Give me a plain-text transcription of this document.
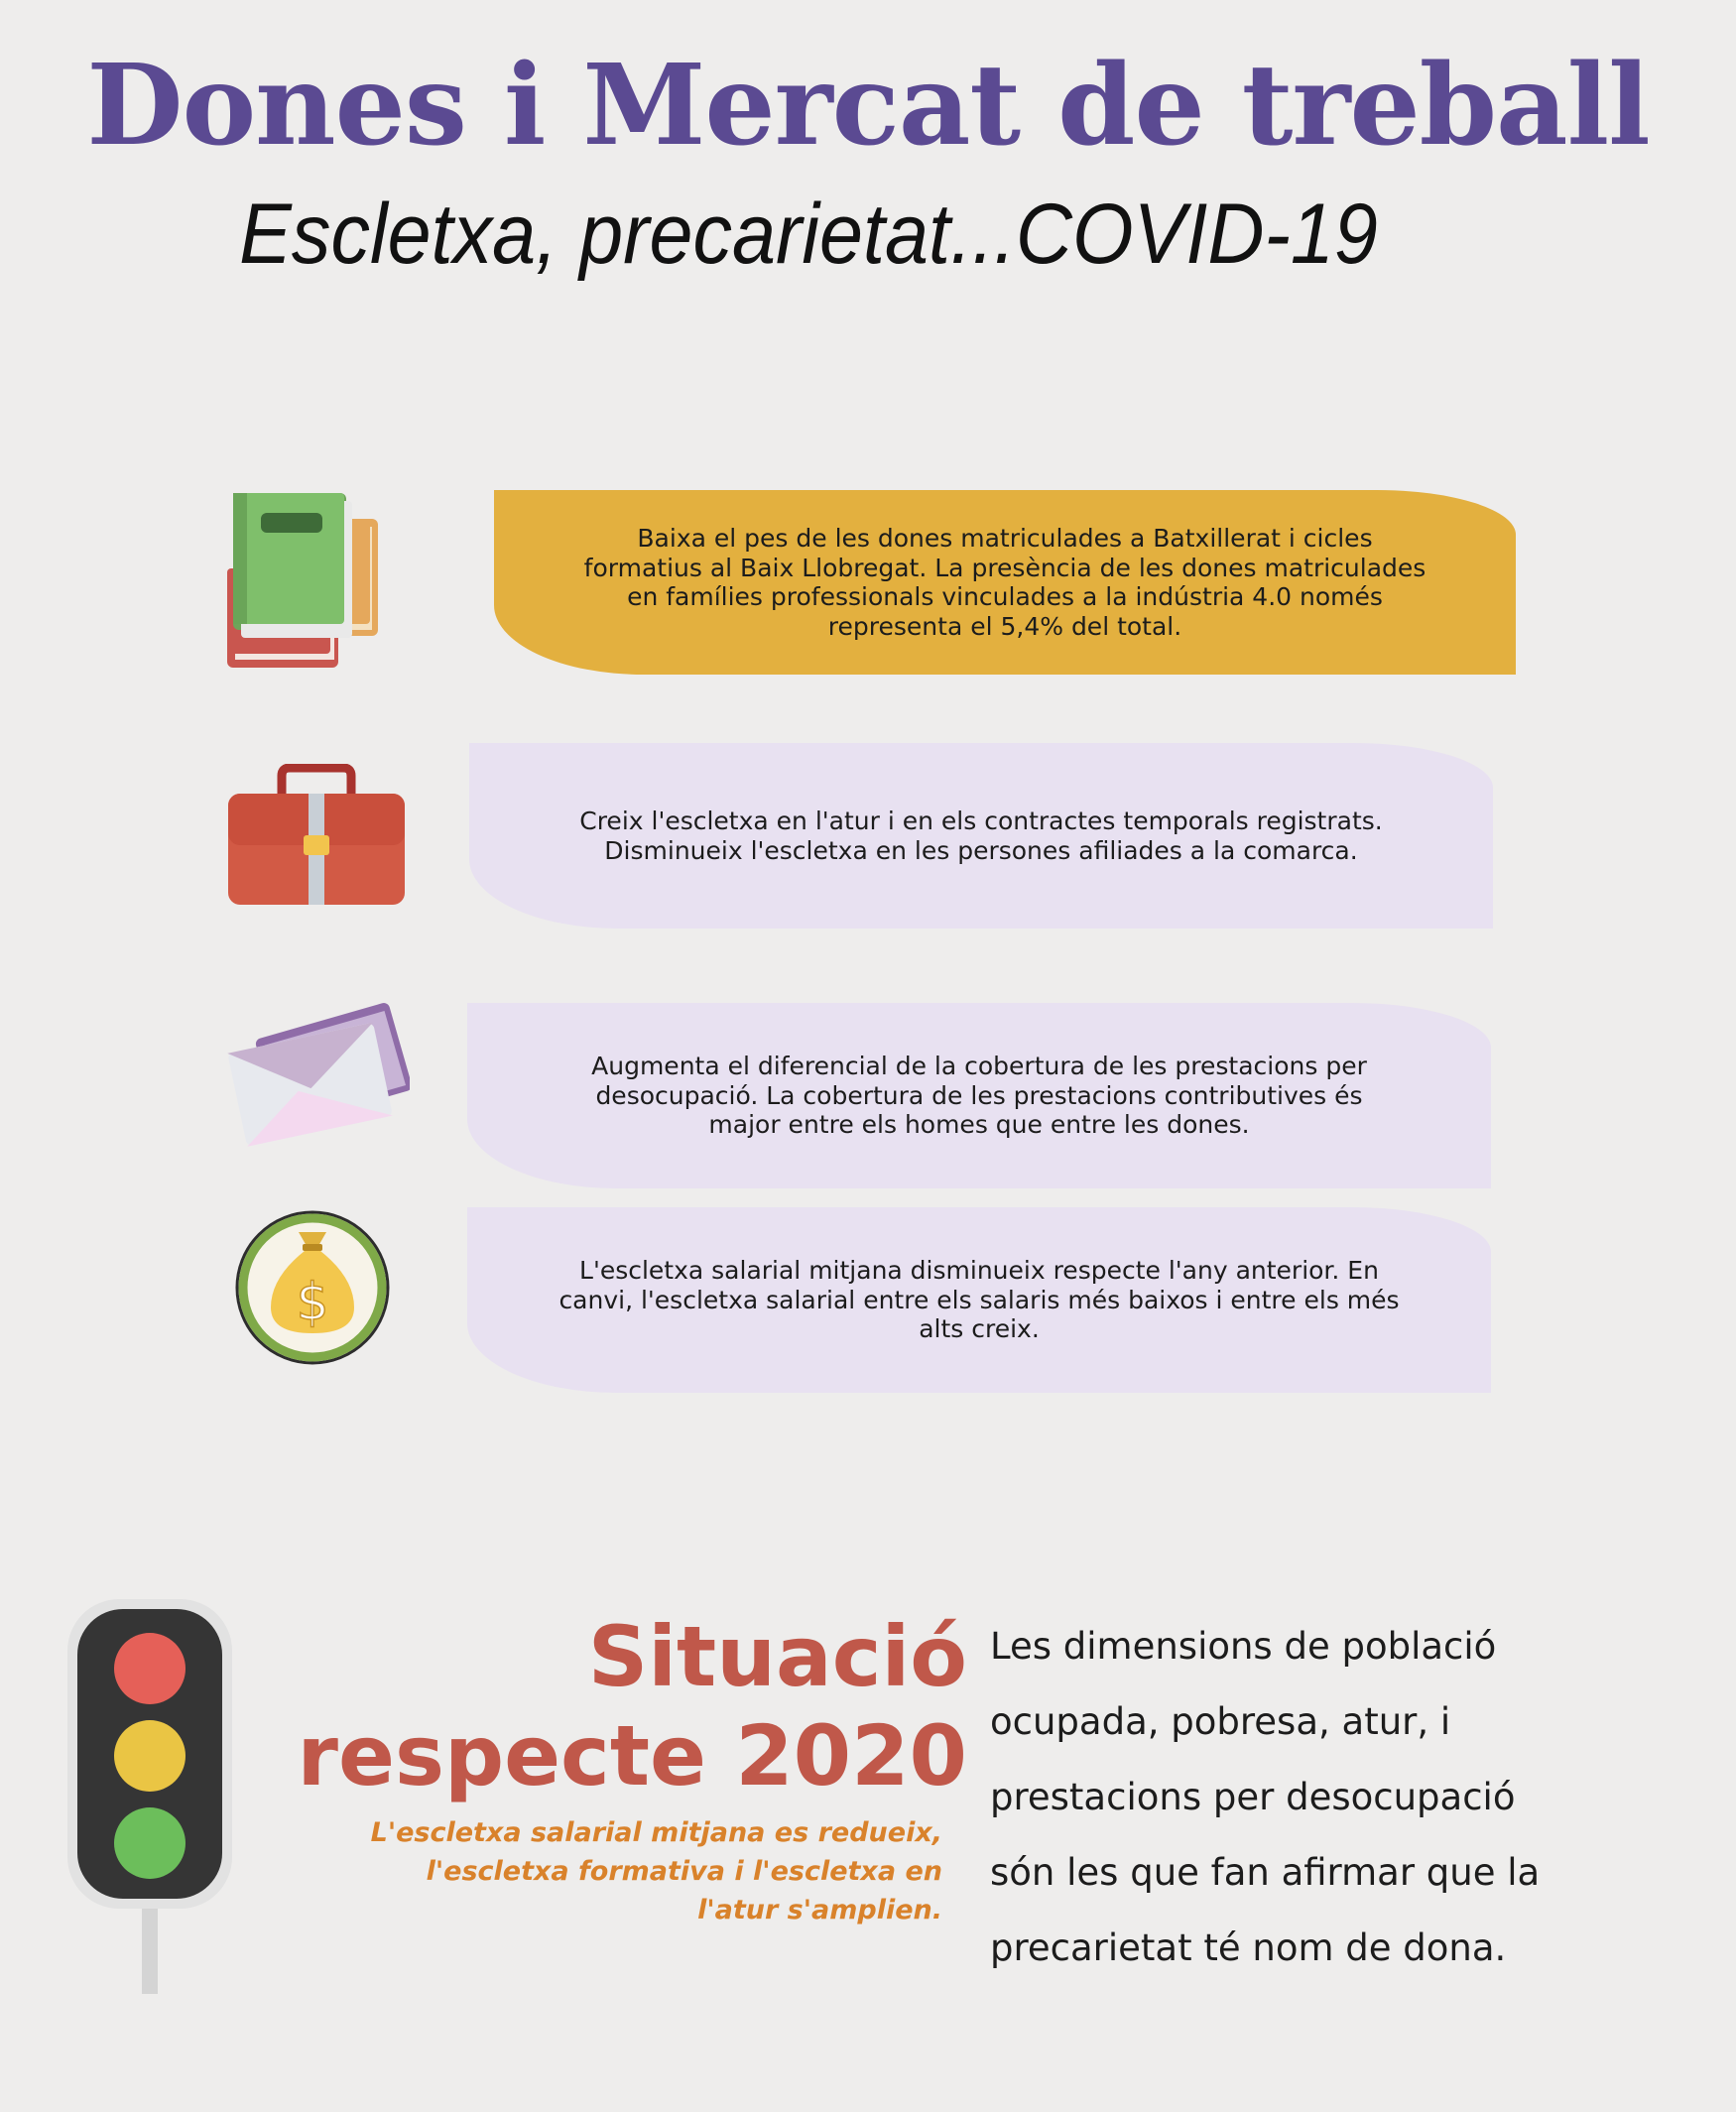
Dones i Mercat de treball
Escletxa, precarietat...COVID-19
Baixa el pes de les dones matriculades a Batxillerat i cicles
formatius al Baix Llobregat. La presència de les dones matriculades
en famílies professionals vinculades a la indústria 4.0 només
representa el 5,4% del total.
Creix l'escletxa en l'atur i en els contractes temporals registrats.
Disminueix l'escletxa en les persones afiliades a la comarca.
Augmenta el diferencial de la cobertura de les prestacions per
desocupació. La cobertura de les prestacions contributives és
major entre els homes que entre les dones.
$
L'escletxa salarial mitjana disminueix respecte l'any anterior. En
canvi, l'escletxa salarial entre els salaris més baixos i entre els més
alts creix.
Situació
respecte 2020
L'escletxa salarial mitjana es redueix,
l'escletxa formativa i l'escletxa en
l'atur s'amplien.
Les dimensions de població
ocupada, pobresa, atur, i
prestacions per desocupació
són les que fan afirmar que la
precarietat té nom de dona.
